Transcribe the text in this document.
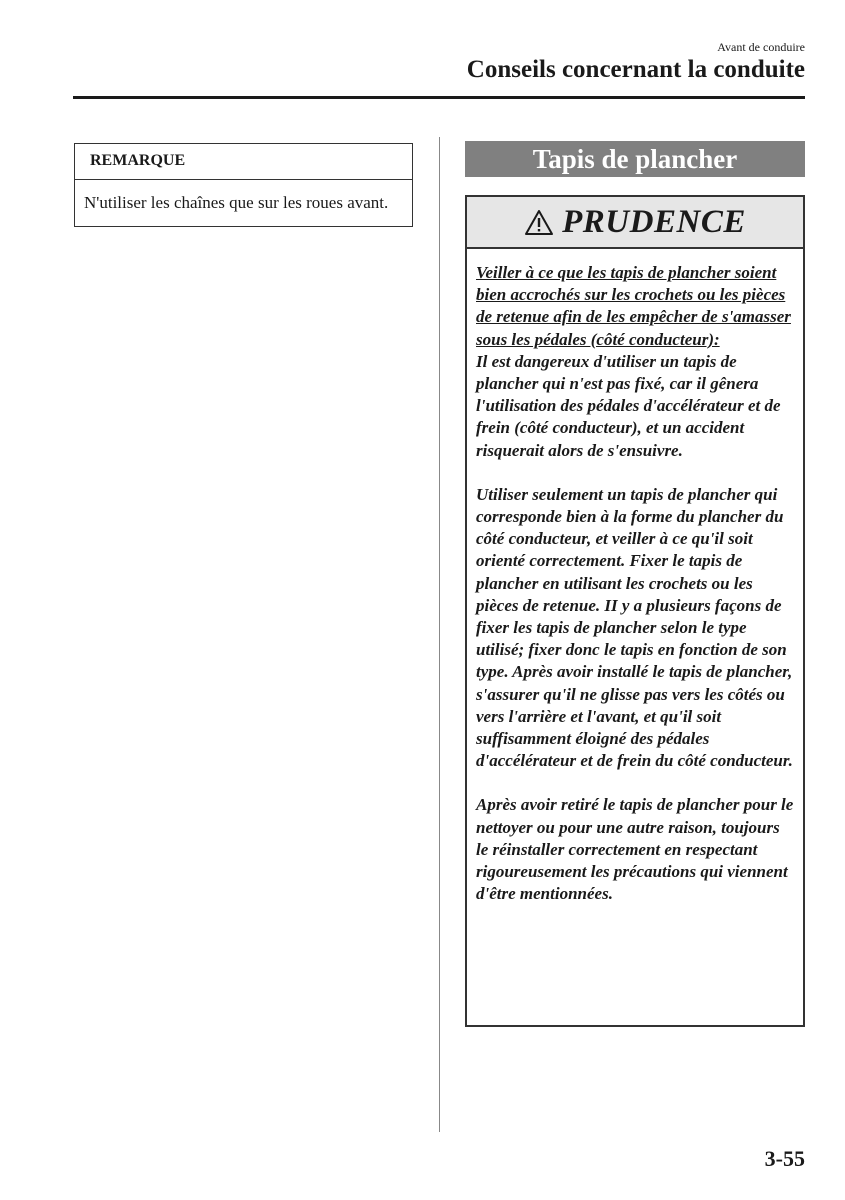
Avant de conduire
Conseils concernant la conduite
REMARQUE
N'utiliser les chaînes que sur les roues avant.
Tapis de plancher
PRUDENCE

Veiller à ce que les tapis de plancher soient bien accrochés sur les crochets ou les pièces de retenue afin de les empêcher de s'amasser sous les pédales (côté conducteur):
Il est dangereux d'utiliser un tapis de plancher qui n'est pas fixé, car il gênera l'utilisation des pédales d'accélérateur et de frein (côté conducteur), et un accident risquerait alors de s'ensuivre.

Utiliser seulement un tapis de plancher qui corresponde bien à la forme du plancher du côté conducteur, et veiller à ce qu'il soit orienté correctement. Fixer le tapis de plancher en utilisant les crochets ou les pièces de retenue. II y a plusieurs façons de fixer les tapis de plancher selon le type utilisé; fixer donc le tapis en fonction de son type. Après avoir installé le tapis de plancher, s'assurer qu'il ne glisse pas vers les côtés ou vers l'arrière et l'avant, et qu'il soit suffisamment éloigné des pédales d'accélérateur et de frein du côté conducteur.

Après avoir retiré le tapis de plancher pour le nettoyer ou pour une autre raison, toujours le réinstaller correctement en respectant rigoureusement les précautions qui viennent d'être mentionnées.

3-55
